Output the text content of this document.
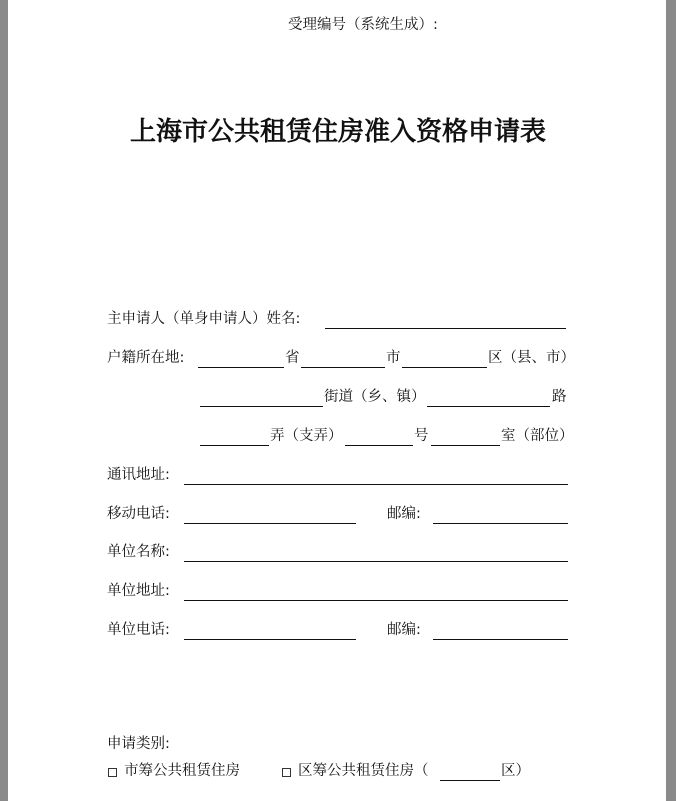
受理编号（系统生成）:
上海市公共租赁住房准入资格申请表
主申请人（单身申请人）姓名:
户籍所在地:	省	市	区（县、市）
街道（乡、镇）	路
弄（支弄）	号	室（部位）
通讯地址:
移动电话:	邮编:
单位名称:
单位地址:
单位电话:	邮编:
申请类别:
市筹公共租赁住房	区筹公共租赁住房（	区）
